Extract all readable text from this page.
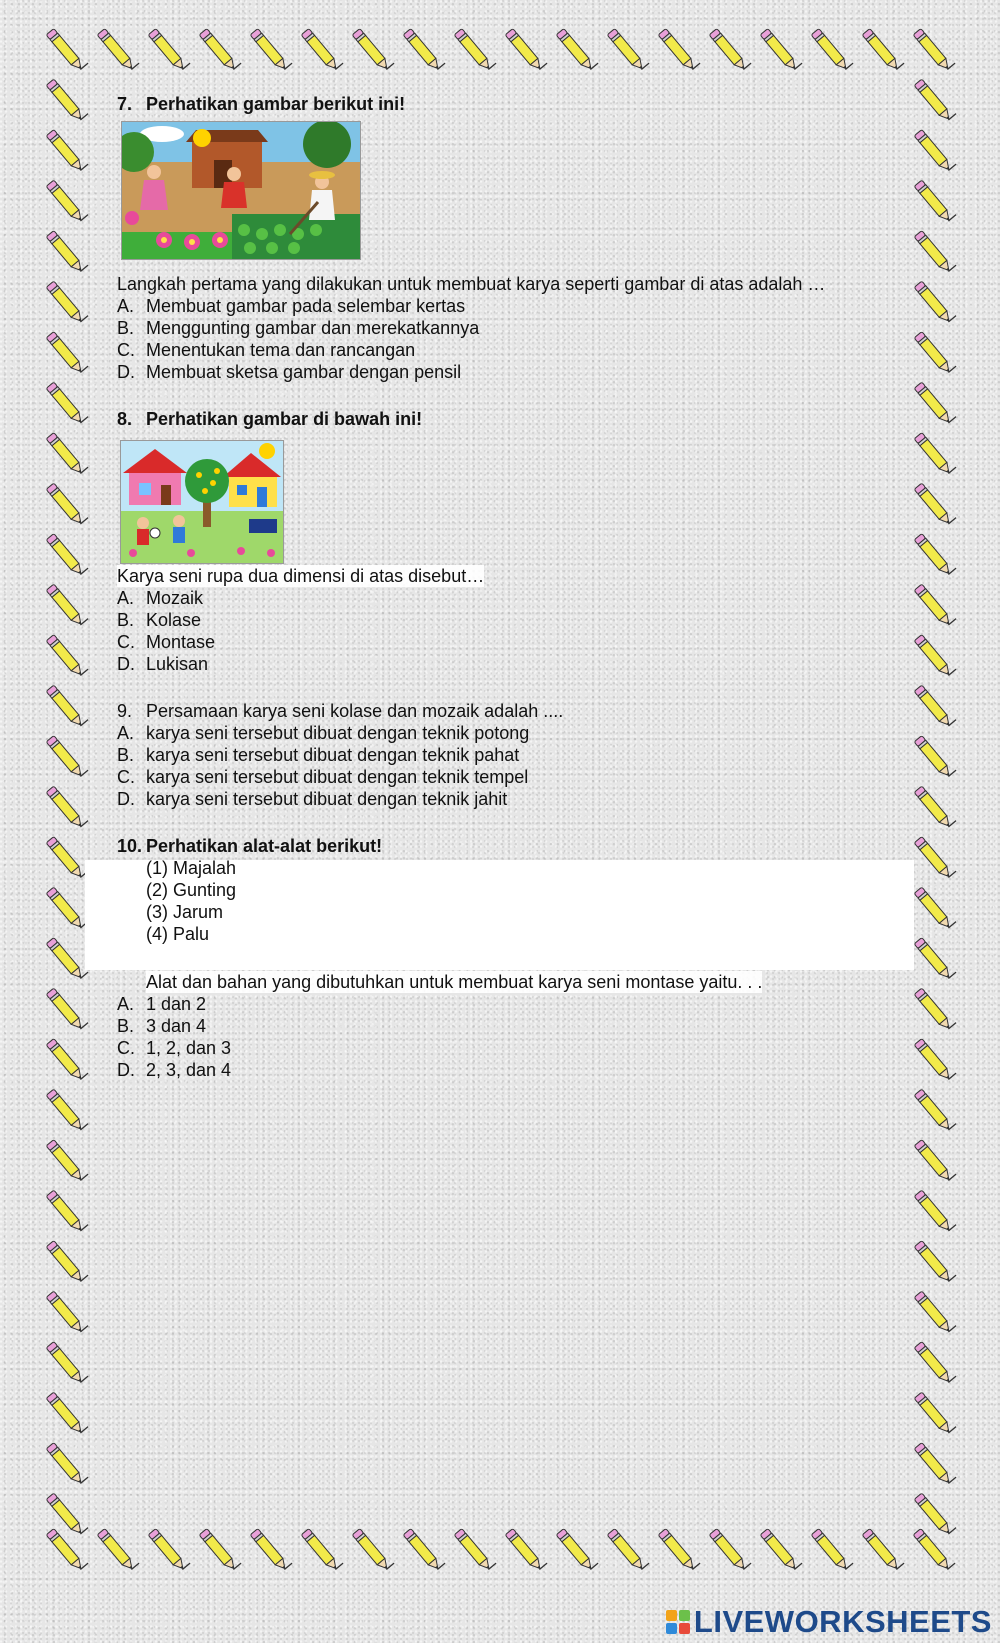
7. Perhatikan gambar berikut ini!
Langkah pertama yang dilakukan untuk membuat karya seperti gambar di atas adalah …
A. Membuat gambar pada selembar kertas
B. Menggunting gambar dan merekatkannya
C. Menentukan tema dan rancangan
D. Membuat sketsa gambar dengan pensil
8. Perhatikan gambar di bawah ini!
Karya seni rupa dua dimensi di atas disebut…
A. Mozaik
B. Kolase
C. Montase
D. Lukisan
9. Persamaan karya seni kolase dan mozaik adalah ....
A. karya seni tersebut dibuat dengan teknik potong
B. karya seni tersebut dibuat dengan teknik pahat
C. karya seni tersebut dibuat dengan teknik tempel
D. karya seni tersebut dibuat dengan teknik jahit
10. Perhatikan alat-alat berikut!
(1) Majalah
(2) Gunting
(3) Jarum
(4) Palu
Alat dan bahan yang dibutuhkan untuk membuat karya seni montase yaitu. . .
A. 1 dan 2
B. 3 dan 4
C. 1, 2, dan 3
D. 2, 3, dan 4
LIVEWORKSHEETS
